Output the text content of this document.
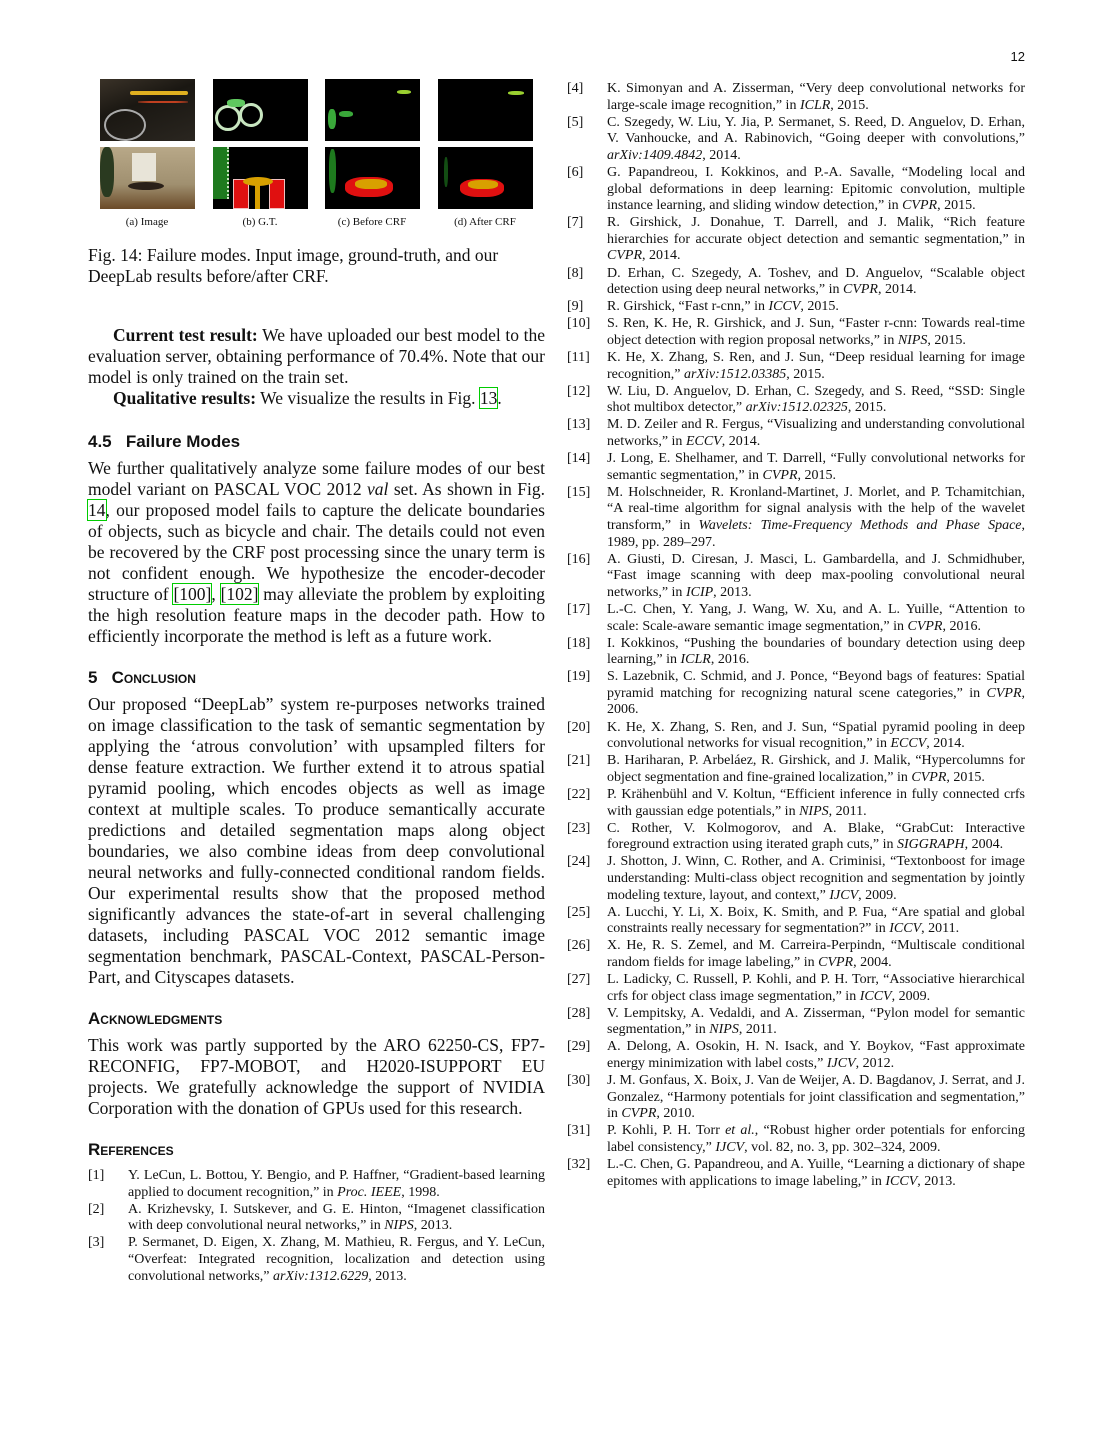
12
(a) Image	(b) G.T.	(c) Before CRF	(d) After CRF
Fig. 14: Failure modes. Input image, ground-truth, and our DeepLab results before/after CRF.

Current test result: We have uploaded our best model to the evaluation server, obtaining performance of 70.4%. Note that our model is only trained on the train set.

Qualitative results: We visualize the results in Fig. 13.

4.5 Failure Modes

We further qualitatively analyze some failure modes of our best model variant on PASCAL VOC 2012 val set. As shown in Fig. 14, our proposed model fails to capture the delicate boundaries of objects, such as bicycle and chair. The details could not even be recovered by the CRF post processing since the unary term is not confident enough. We hypothesize the encoder-decoder structure of [100], [102] may alleviate the problem by exploiting the high resolution feature maps in the decoder path. How to efficiently incorporate the method is left as a future work.

5 Conclusion

Our proposed “DeepLab” system re-purposes networks trained on image classification to the task of semantic segmentation by applying the ‘atrous convolution’ with upsampled filters for dense feature extraction. We further extend it to atrous spatial pyramid pooling, which encodes objects as well as image context at multiple scales. To produce semantically accurate predictions and detailed segmentation maps along object boundaries, we also combine ideas from deep convolutional neural networks and fully-connected conditional random fields. Our experimental results show that the proposed method significantly advances the state-of-art in several challenging datasets, including PASCAL VOC 2012 semantic image segmentation benchmark, PASCAL-Context, PASCAL-Person-Part, and Cityscapes datasets.

Acknowledgments

This work was partly supported by the ARO 62250-CS, FP7-RECONFIG, FP7-MOBOT, and H2020-ISUPPORT EU projects. We gratefully acknowledge the support of NVIDIA Corporation with the donation of GPUs used for this research.

References
[1]	Y. LeCun, L. Bottou, Y. Bengio, and P. Haffner, “Gradient-based learning applied to document recognition,” in Proc. IEEE, 1998.
[2]	A. Krizhevsky, I. Sutskever, and G. E. Hinton, “Imagenet classification with deep convolutional neural networks,” in NIPS, 2013.
[3]	P. Sermanet, D. Eigen, X. Zhang, M. Mathieu, R. Fergus, and Y. LeCun, “Overfeat: Integrated recognition, localization and detection using convolutional networks,” arXiv:1312.6229, 2013.
[4]	K. Simonyan and A. Zisserman, “Very deep convolutional networks for large-scale image recognition,” in ICLR, 2015.
[5]	C. Szegedy, W. Liu, Y. Jia, P. Sermanet, S. Reed, D. Anguelov, D. Erhan, V. Vanhoucke, and A. Rabinovich, “Going deeper with convolutions,” arXiv:1409.4842, 2014.
[6]	G. Papandreou, I. Kokkinos, and P.-A. Savalle, “Modeling local and global deformations in deep learning: Epitomic convolution, multiple instance learning, and sliding window detection,” in CVPR, 2015.
[7]	R. Girshick, J. Donahue, T. Darrell, and J. Malik, “Rich feature hierarchies for accurate object detection and semantic segmentation,” in CVPR, 2014.
[8]	D. Erhan, C. Szegedy, A. Toshev, and D. Anguelov, “Scalable object detection using deep neural networks,” in CVPR, 2014.
[9]	R. Girshick, “Fast r-cnn,” in ICCV, 2015.
[10]	S. Ren, K. He, R. Girshick, and J. Sun, “Faster r-cnn: Towards real-time object detection with region proposal networks,” in NIPS, 2015.
[11]	K. He, X. Zhang, S. Ren, and J. Sun, “Deep residual learning for image recognition,” arXiv:1512.03385, 2015.
[12]	W. Liu, D. Anguelov, D. Erhan, C. Szegedy, and S. Reed, “SSD: Single shot multibox detector,” arXiv:1512.02325, 2015.
[13]	M. D. Zeiler and R. Fergus, “Visualizing and understanding convolutional networks,” in ECCV, 2014.
[14]	J. Long, E. Shelhamer, and T. Darrell, “Fully convolutional networks for semantic segmentation,” in CVPR, 2015.
[15]	M. Holschneider, R. Kronland-Martinet, J. Morlet, and P. Tchamitchian, “A real-time algorithm for signal analysis with the help of the wavelet transform,” in Wavelets: Time-Frequency Methods and Phase Space, 1989, pp. 289–297.
[16]	A. Giusti, D. Ciresan, J. Masci, L. Gambardella, and J. Schmidhuber, “Fast image scanning with deep max-pooling convolutional neural networks,” in ICIP, 2013.
[17]	L.-C. Chen, Y. Yang, J. Wang, W. Xu, and A. L. Yuille, “Attention to scale: Scale-aware semantic image segmentation,” in CVPR, 2016.
[18]	I. Kokkinos, “Pushing the boundaries of boundary detection using deep learning,” in ICLR, 2016.
[19]	S. Lazebnik, C. Schmid, and J. Ponce, “Beyond bags of features: Spatial pyramid matching for recognizing natural scene categories,” in CVPR, 2006.
[20]	K. He, X. Zhang, S. Ren, and J. Sun, “Spatial pyramid pooling in deep convolutional networks for visual recognition,” in ECCV, 2014.
[21]	B. Hariharan, P. Arbeláez, R. Girshick, and J. Malik, “Hypercolumns for object segmentation and fine-grained localization,” in CVPR, 2015.
[22]	P. Krähenbühl and V. Koltun, “Efficient inference in fully connected crfs with gaussian edge potentials,” in NIPS, 2011.
[23]	C. Rother, V. Kolmogorov, and A. Blake, “GrabCut: Interactive foreground extraction using iterated graph cuts,” in SIGGRAPH, 2004.
[24]	J. Shotton, J. Winn, C. Rother, and A. Criminisi, “Textonboost for image understanding: Multi-class object recognition and segmentation by jointly modeling texture, layout, and context,” IJCV, 2009.
[25]	A. Lucchi, Y. Li, X. Boix, K. Smith, and P. Fua, “Are spatial and global constraints really necessary for segmentation?” in ICCV, 2011.
[26]	X. He, R. S. Zemel, and M. Carreira-Perpindn, “Multiscale conditional random fields for image labeling,” in CVPR, 2004.
[27]	L. Ladicky, C. Russell, P. Kohli, and P. H. Torr, “Associative hierarchical crfs for object class image segmentation,” in ICCV, 2009.
[28]	V. Lempitsky, A. Vedaldi, and A. Zisserman, “Pylon model for semantic segmentation,” in NIPS, 2011.
[29]	A. Delong, A. Osokin, H. N. Isack, and Y. Boykov, “Fast approximate energy minimization with label costs,” IJCV, 2012.
[30]	J. M. Gonfaus, X. Boix, J. Van de Weijer, A. D. Bagdanov, J. Serrat, and J. Gonzalez, “Harmony potentials for joint classification and segmentation,” in CVPR, 2010.
[31]	P. Kohli, P. H. Torr et al., “Robust higher order potentials for enforcing label consistency,” IJCV, vol. 82, no. 3, pp. 302–324, 2009.
[32]	L.-C. Chen, G. Papandreou, and A. Yuille, “Learning a dictionary of shape epitomes with applications to image labeling,” in ICCV, 2013.
